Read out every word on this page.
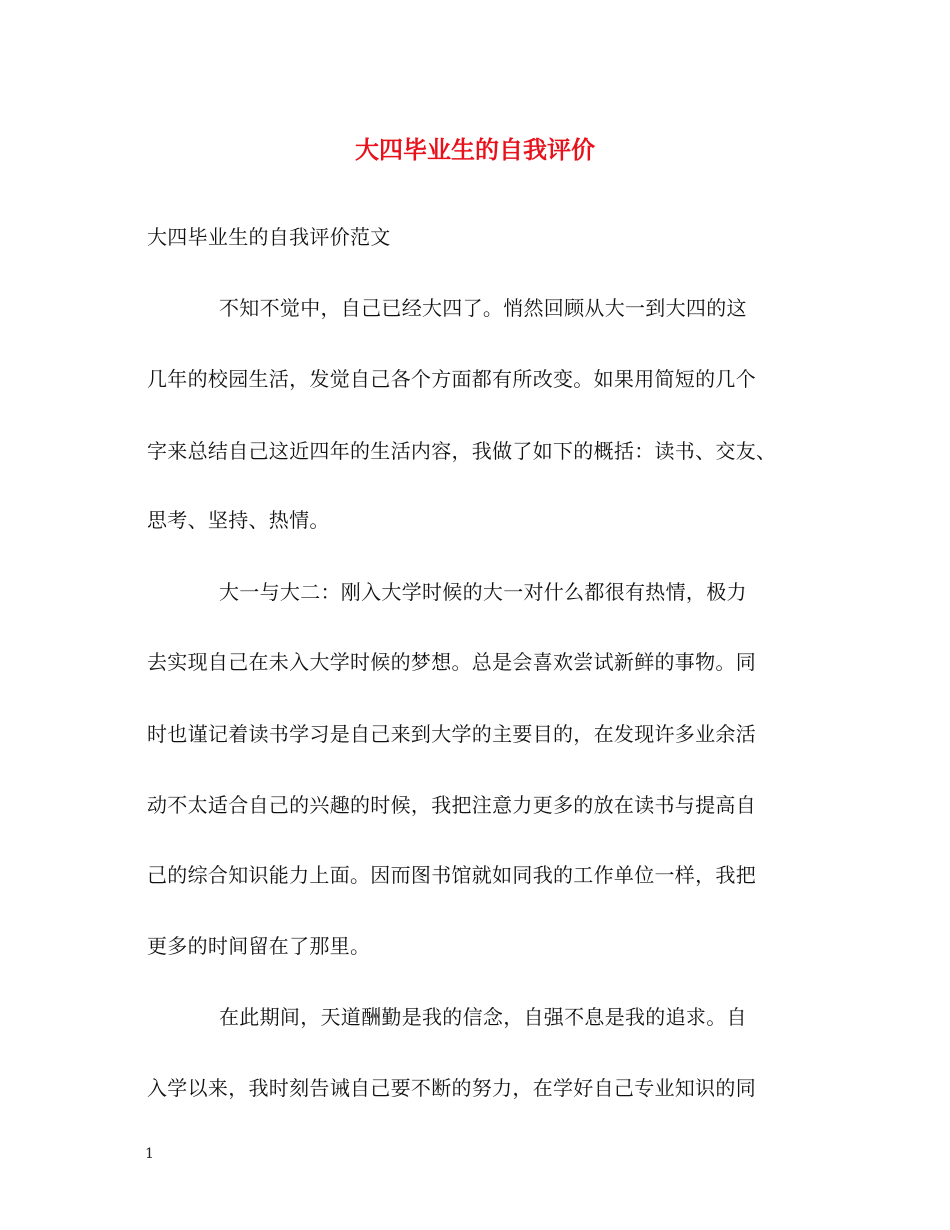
大四毕业生的自我评价
大四毕业生的自我评价范文
不知不觉中，自己已经大四了。悄然回顾从大一到大四的这
几年的校园生活，发觉自己各个方面都有所改变。如果用简短的几个
字来总结自己这近四年的生活内容，我做了如下的概括：读书、交友、
思考、坚持、热情。
大一与大二：刚入大学时候的大一对什么都很有热情，极力
去实现自己在未入大学时候的梦想。总是会喜欢尝试新鲜的事物。同
时也谨记着读书学习是自己来到大学的主要目的，在发现许多业余活
动不太适合自己的兴趣的时候，我把注意力更多的放在读书与提高自
己的综合知识能力上面。因而图书馆就如同我的工作单位一样，我把
更多的时间留在了那里。
在此期间，天道酬勤是我的信念，自强不息是我的追求。自
入学以来，我时刻告诫自己要不断的努力，在学好自己专业知识的同
1
